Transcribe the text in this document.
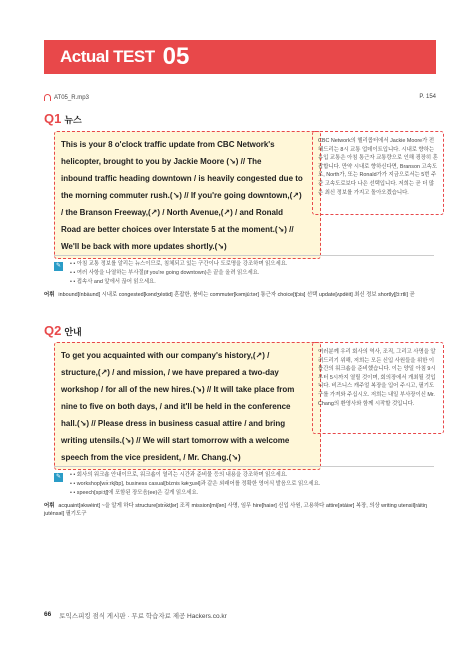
Actual TEST 05
AT05_R.mp3	P. 154
Q1 뉴스
This is your 8 o'clock traffic update from CBC Network's
helicopter, brought to you by Jackie Moore (↘) // The
inbound traffic heading downtown / is heavily congested due to
the morning commuter rush.(↘) // If you're going downtown,(↗)
/ the Branson Freeway,(↗) / North Avenue,(↗) / and Ronald
Road are better choices over Interstate 5 at the moment.(↘) //
We'll be back with more updates shortly.(↘)
CBC Network의 헬리콥터에서 Jackie Moore가 전해드리는 8시 교통 업데이트입니다. 시내로 향하는 유입 교통은 아침 통근자 교통량으로 인해 굉장히 혼잡합니다. 만약 시내로 향하신다면, Branson 고속도로, North가, 또는 Ronald가가 지금으로서는 5번 주간 고속도로보다 나은 선택입니다. 저희는 곧 더 많은 최신 정보를 가지고 돌아오겠습니다.
✎	• • 아침 교통 정보를 알리는 뉴스이므로, 침체되고 있는 구간이나 도로명을 강조하며 읽으세요.
• • 여러 사항을 나열하는 부사절(if you're going downtown)은 끝을 올려 읽으세요.
• • 접속사 and 앞에서 끊어 읽으세요.
어휘 inbound[ínbàund] 시내로 congested[kəndʒéstid] 혼잡한, 붐비는 commuter[kəmjú:tər] 통근자 choice[tʃɔis] 선택 update[ʌpdèit] 최신 정보 shortly[ʃɔ́:rtli] 곧
Q2 안내
To get you acquainted with our company's history,(↗) /
structure,(↗) / and mission, / we have prepared a two-day
workshop / for all of the new hires.(↘) // It will take place from
nine to five on both days, / and it'll be held in the conference
hall.(↘) // Please dress in business casual attire / and bring
writing utensils.(↘) // We will start tomorrow with a welcome
speech from the vice president, / Mr. Chang.(↘)
여러분께 우리 회사의 역사, 조직, 그리고 사명을 알려드리기 위해, 저희는 모든 신입 사원들을 위한 이틀간의 워크숍을 준비했습니다. 이는 양일 아침 9시부터 5시까지 열릴 것이며, 회의장에서 개최될 것입니다. 비즈니스 캐주얼 복장을 입어 주시고, 필기도구를 가져와 주십시오. 저희는 내일 부사장이신 Mr. Chang의 환영사와 함께 시작할 것입니다.
✎	• • 회사의 워크숍 안내이므로, 워크숍이 열리는 시간과 준비물 등의 내용을 강조하며 읽으세요.
• • workshop[wə́:rkʃɑ̀p], business casual[bíznis kǽʒuəl]과 같은 외래어를 정확한 영어식 발음으로 읽으세요.
• • speech[spi:tʃ]에 포함된 장모음(ee)은 길게 읽으세요.
어휘 acquaint[əkwéint] ~을 알게 하다 structure[strʌ́ktʃər] 조직 mission[míʃən] 사명, 임무 hire[haiər] 신입 사원, 고용하다 attire[ətáiər] 복장, 의상 writing utensil[ráitiŋ juténsəl] 필기도구
66 토익스피킹 점식 게시판 · 무료 학습자료 제공 Hackers.co.kr
